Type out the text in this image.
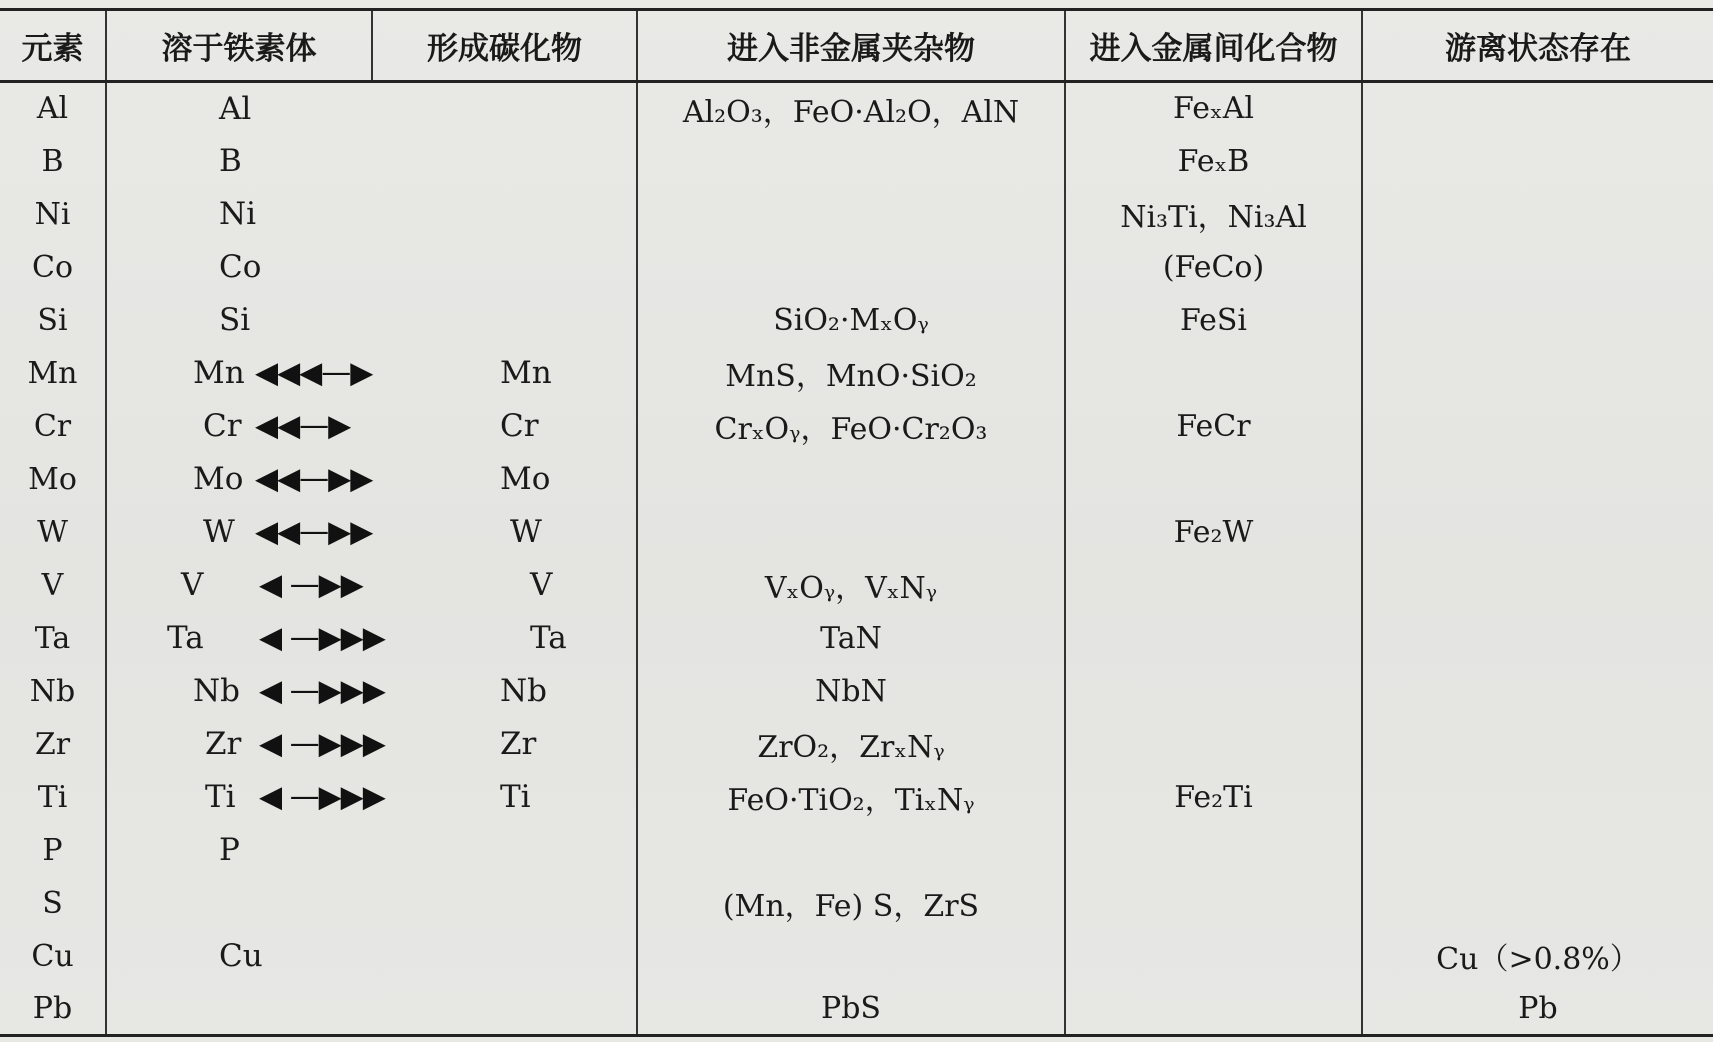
元素	溶于铁素体	形成碳化物	进入非金属夹杂物	进入金属间化合物	游离状态存在
Al	Al		Al₂O₃，FeO·Al₂O，AlN	FeₓAl	
B	B			FeₓB	
Ni	Ni			Ni₃Ti，Ni₃Al	
Co	Co			(FeCo)	
Si	Si		SiO₂·MₓOᵧ	FeSi	
Mn	Mn ◀◀◀—▶	Mn	MnS，MnO·SiO₂		
Cr	Cr ◀◀—▶	Cr	CrₓOᵧ，FeO·Cr₂O₃	FeCr	
Mo	Mo ◀◀—▶▶	Mo			

W	W ◀◀—▶▶	W		Fe₂W	
V	V ◀ —▶▶	V	VₓOᵧ，VₓNᵧ		
Ta	Ta ◀ —▶▶▶	Ta	TaN		
Nb	Nb ◀ —▶▶▶	Nb	NbN		
Zr	Zr ◀ —▶▶▶	Zr	ZrO₂，ZrₓNᵧ		
Ti	Ti ◀ —▶▶▶	Ti	FeO·TiO₂，TiₓNᵧ	Fe₂Ti	
P	P				

S			(Mn，Fe) S，ZrS		
Cu	Cu				Cu（>0.8%）
Pb			PbS		Pb
